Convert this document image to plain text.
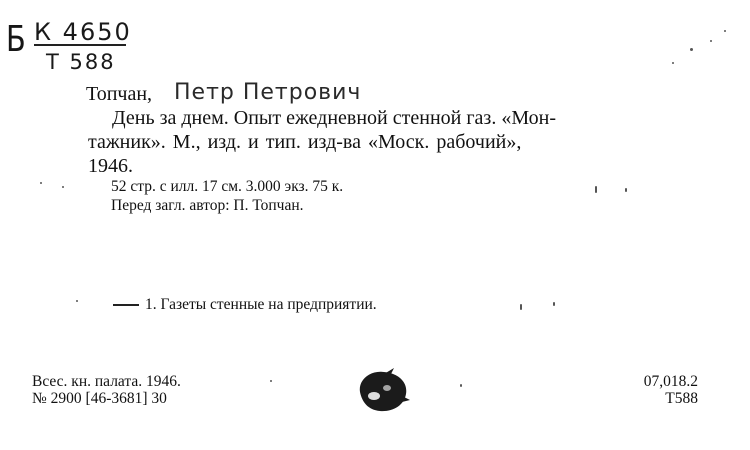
Б К 4650
Т 588
Топчан, Петр Петрович
День за днем. Опыт ежедневной стенной газ. «Мон-
тажник». М., изд. и тип. изд-ва «Моск. рабочий»,
1946.
52 стр. с илл. 17 см. 3.000 экз. 75 к.
Перед загл. автор: П. Топчан.
1. Газеты стенные на предприятии.
Всес. кн. палата. 1946.
№ 2900 [46-3681] 30
07,018.2
Т588
